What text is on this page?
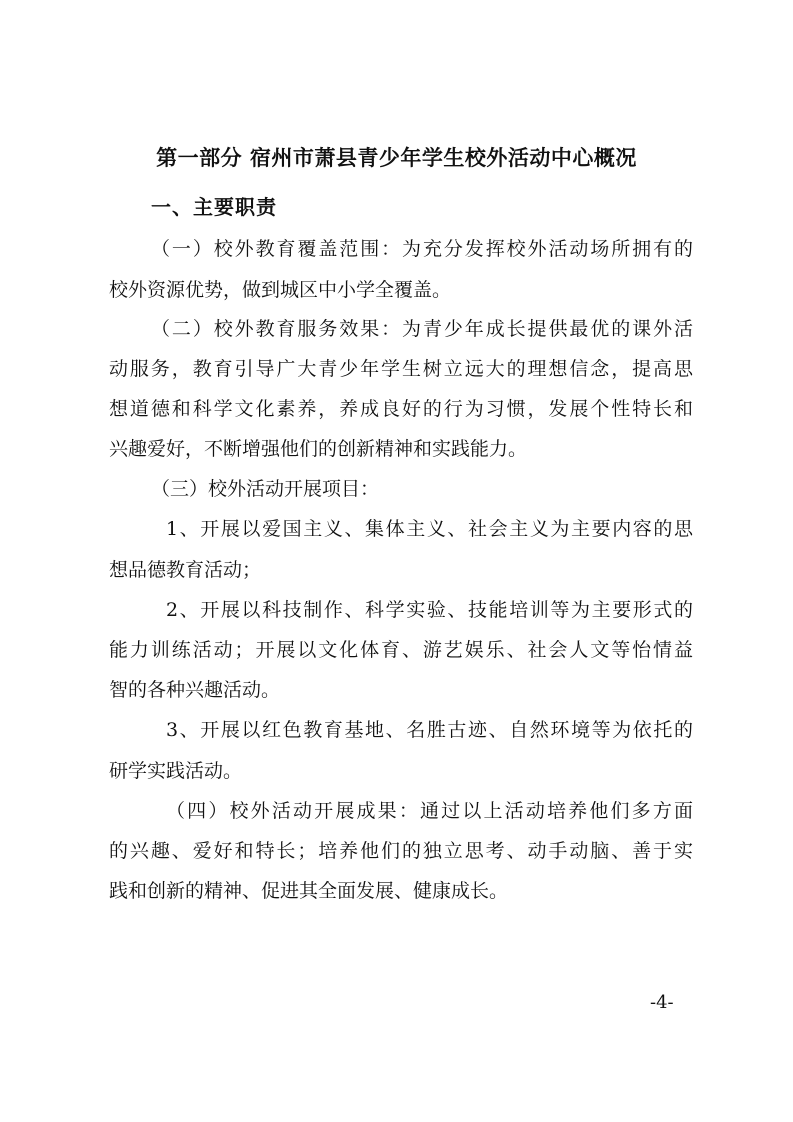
第一部分 宿州市萧县青少年学生校外活动中心概况
一、主要职责
（一）校外教育覆盖范围：为充分发挥校外活动场所拥有的
校外资源优势，做到城区中小学全覆盖。
（二）校外教育服务效果：为青少年成长提供最优的课外活
动服务，教育引导广大青少年学生树立远大的理想信念，提高思
想道德和科学文化素养，养成良好的行为习惯，发展个性特长和
兴趣爱好，不断增强他们的创新精神和实践能力。
（三）校外活动开展项目：
1、开展以爱国主义、集体主义、社会主义为主要内容的思
想品德教育活动；
2、开展以科技制作、科学实验、技能培训等为主要形式的
能力训练活动；开展以文化体育、游艺娱乐、社会人文等怡情益
智的各种兴趣活动。
3、开展以红色教育基地、名胜古迹、自然环境等为依托的
研学实践活动。
（四）校外活动开展成果：通过以上活动培养他们多方面
的兴趣、爱好和特长；培养他们的独立思考、动手动脑、善于实
践和创新的精神、促进其全面发展、健康成长。
-4-
